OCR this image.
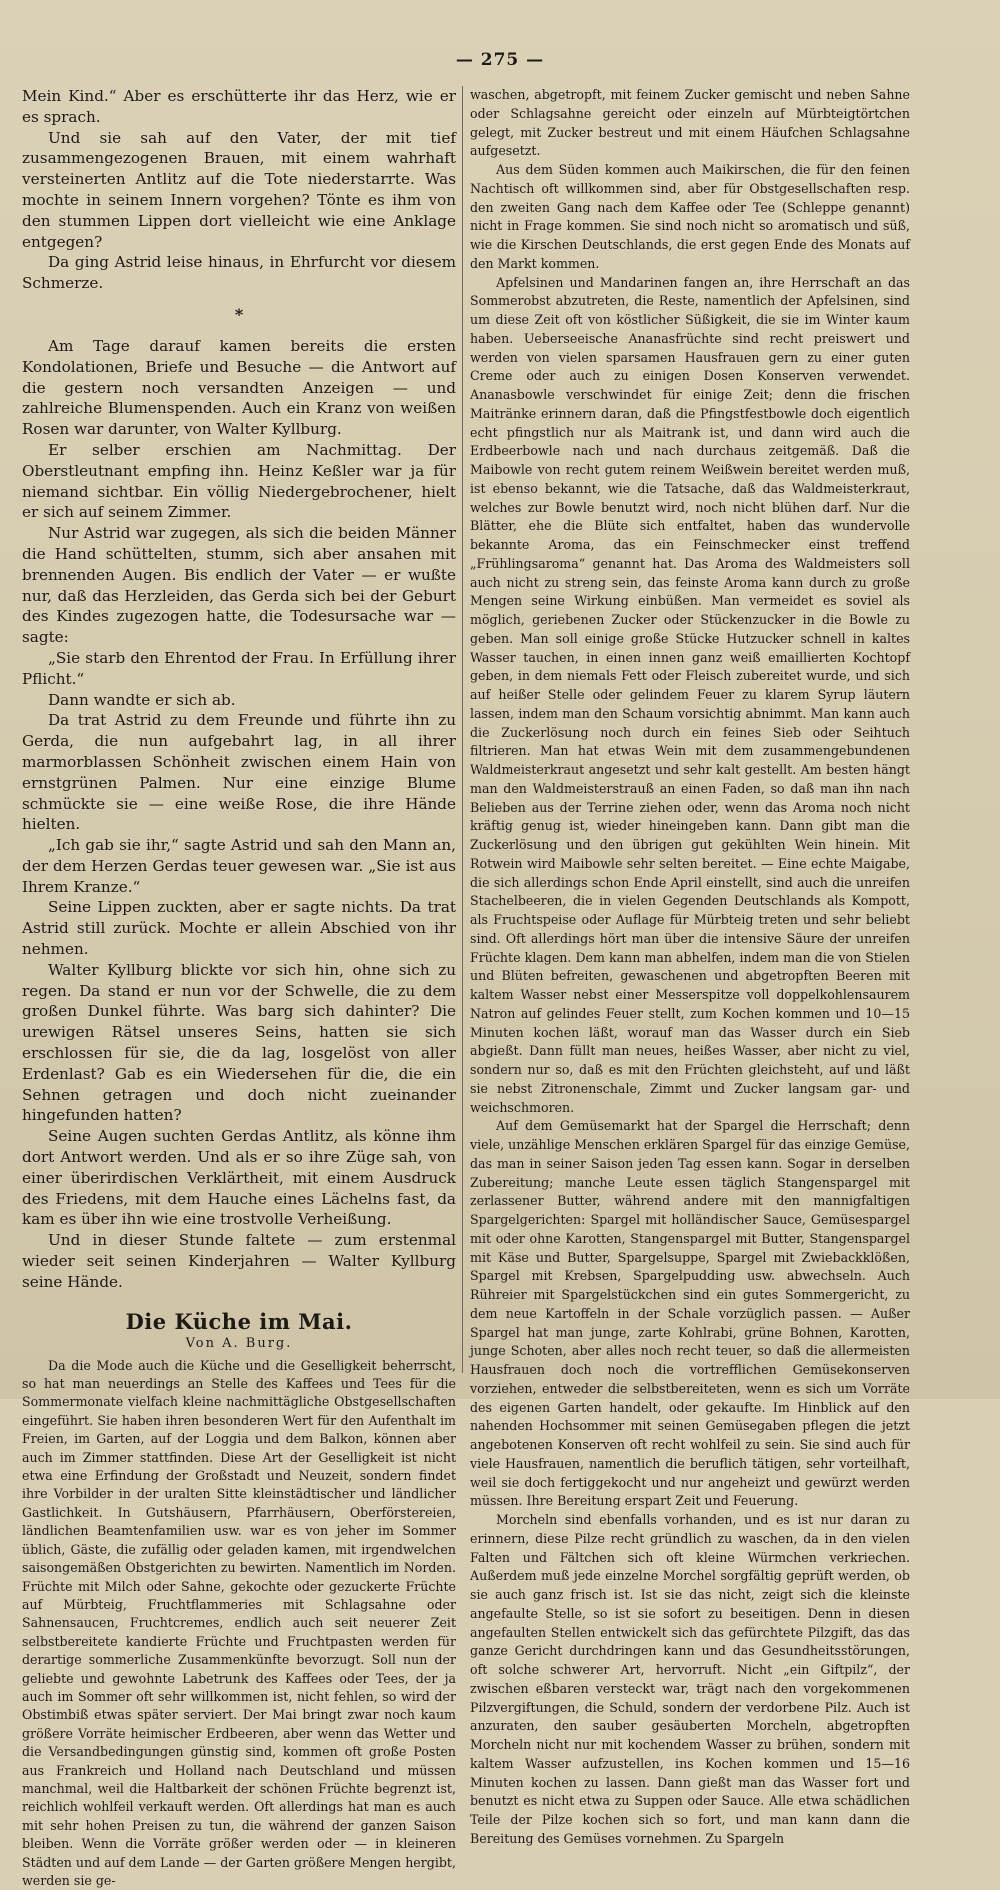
— 275 —

Mein Kind.“ Aber es erschütterte ihr das Herz, wie er es sprach.

Und sie sah auf den Vater, der mit tief zusammengezogenen Brauen, mit einem wahrhaft versteinerten Antlitz auf die Tote niederstarrte. Was mochte in seinem Innern vorgehen? Tönte es ihm von den stummen Lippen dort vielleicht wie eine Anklage entgegen?

Da ging Astrid leise hinaus, in Ehrfurcht vor diesem Schmerze.

*

Am Tage darauf kamen bereits die ersten Kondolationen, Briefe und Besuche — die Antwort auf die gestern noch versandten Anzeigen — und zahlreiche Blumenspenden. Auch ein Kranz von weißen Rosen war darunter, von Walter Kyllburg.

Er selber erschien am Nachmittag. Der Oberstleutnant empfing ihn. Heinz Keßler war ja für niemand sichtbar. Ein völlig Niedergebrochener, hielt er sich auf seinem Zimmer.

Nur Astrid war zugegen, als sich die beiden Männer die Hand schüttelten, stumm, sich aber ansahen mit brennenden Augen. Bis endlich der Vater — er wußte nur, daß das Herzleiden, das Gerda sich bei der Geburt des Kindes zugezogen hatte, die Todesursache war — sagte:

„Sie starb den Ehrentod der Frau. In Erfüllung ihrer Pflicht.“

Dann wandte er sich ab.

Da trat Astrid zu dem Freunde und führte ihn zu Gerda, die nun aufgebahrt lag, in all ihrer marmorblassen Schönheit zwischen einem Hain von ernstgrünen Palmen. Nur eine einzige Blume schmückte sie — eine weiße Rose, die ihre Hände hielten.

„Ich gab sie ihr,“ sagte Astrid und sah den Mann an, der dem Herzen Gerdas teuer gewesen war. „Sie ist aus Ihrem Kranze.“

Seine Lippen zuckten, aber er sagte nichts. Da trat Astrid still zurück. Mochte er allein Abschied von ihr nehmen.

Walter Kyllburg blickte vor sich hin, ohne sich zu regen. Da stand er nun vor der Schwelle, die zu dem großen Dunkel führte. Was barg sich dahinter? Die urewigen Rätsel unseres Seins, hatten sie sich erschlossen für sie, die da lag, losgelöst von aller Erdenlast? Gab es ein Wiedersehen für die, die ein Sehnen getragen und doch nicht zueinander hingefunden hatten?

Seine Augen suchten Gerdas Antlitz, als könne ihm dort Antwort werden. Und als er so ihre Züge sah, von einer überirdischen Verklärtheit, mit einem Ausdruck des Friedens, mit dem Hauche eines Lächelns fast, da kam es über ihn wie eine trostvolle Verheißung.

Und in dieser Stunde faltete — zum erstenmal wieder seit seinen Kinderjahren — Walter Kyllburg seine Hände.

Die Küche im Mai.
Von A. Burg.

Da die Mode auch die Küche und die Geselligkeit beherrscht, so hat man neuerdings an Stelle des Kaffees und Tees für die Sommermonate vielfach kleine nachmittägliche Obstgesellschaften eingeführt. Sie haben ihren besonderen Wert für den Aufenthalt im Freien, im Garten, auf der Loggia und dem Balkon, können aber auch im Zimmer stattfinden. Diese Art der Geselligkeit ist nicht etwa eine Erfindung der Großstadt und Neuzeit, sondern findet ihre Vorbilder in der uralten Sitte kleinstädtischer und ländlicher Gastlichkeit. In Gutshäusern, Pfarrhäusern, Oberförstereien, ländlichen Beamtenfamilien usw. war es von jeher im Sommer üblich, Gäste, die zufällig oder geladen kamen, mit irgendwelchen saisongemäßen Obstgerichten zu bewirten. Namentlich im Norden. Früchte mit Milch oder Sahne, gekochte oder gezuckerte Früchte auf Mürbteig, Fruchtflammeries mit Schlagsahne oder Sahnensaucen, Fruchtcremes, endlich auch seit neuerer Zeit selbstbereitete kandierte Früchte und Fruchtpasten werden für derartige sommerliche Zusammenkünfte bevorzugt. Soll nun der geliebte und gewohnte Labetrunk des Kaffees oder Tees, der ja auch im Sommer oft sehr willkommen ist, nicht fehlen, so wird der Obstimbiß etwas später serviert. Der Mai bringt zwar noch kaum größere Vorräte heimischer Erdbeeren, aber wenn das Wetter und die Versandbedingungen günstig sind, kommen oft große Posten aus Frankreich und Holland nach Deutschland und müssen manchmal, weil die Haltbarkeit der schönen Früchte begrenzt ist, reichlich wohlfeil verkauft werden. Oft allerdings hat man es auch mit sehr hohen Preisen zu tun, die während der ganzen Saison bleiben. Wenn die Vorräte größer werden oder — in kleineren Städten und auf dem Lande — der Garten größere Mengen hergibt, werden sie ge-

waschen, abgetropft, mit feinem Zucker gemischt und neben Sahne oder Schlagsahne gereicht oder einzeln auf Mürbteigtörtchen gelegt, mit Zucker bestreut und mit einem Häufchen Schlagsahne aufgesetzt.

Aus dem Süden kommen auch Maikirschen, die für den feinen Nachtisch oft willkommen sind, aber für Obstgesellschaften resp. den zweiten Gang nach dem Kaffee oder Tee (Schleppe genannt) nicht in Frage kommen. Sie sind noch nicht so aromatisch und süß, wie die Kirschen Deutschlands, die erst gegen Ende des Monats auf den Markt kommen.

Apfelsinen und Mandarinen fangen an, ihre Herrschaft an das Sommerobst abzutreten, die Reste, namentlich der Apfelsinen, sind um diese Zeit oft von köstlicher Süßigkeit, die sie im Winter kaum haben. Ueberseeische Ananasfrüchte sind recht preiswert und werden von vielen sparsamen Hausfrauen gern zu einer guten Creme oder auch zu einigen Dosen Konserven verwendet. Ananasbowle verschwindet für einige Zeit; denn die frischen Maitränke erinnern daran, daß die Pfingstfestbowle doch eigentlich echt pfingstlich nur als Maitrank ist, und dann wird auch die Erdbeerbowle nach und nach durchaus zeitgemäß. Daß die Maibowle von recht gutem reinem Weißwein bereitet werden muß, ist ebenso bekannt, wie die Tatsache, daß das Waldmeisterkraut, welches zur Bowle benutzt wird, noch nicht blühen darf. Nur die Blätter, ehe die Blüte sich entfaltet, haben das wundervolle bekannte Aroma, das ein Feinschmecker einst treffend „Frühlingsaroma“ genannt hat. Das Aroma des Waldmeisters soll auch nicht zu streng sein, das feinste Aroma kann durch zu große Mengen seine Wirkung einbüßen. Man vermeidet es soviel als möglich, geriebenen Zucker oder Stückenzucker in die Bowle zu geben. Man soll einige große Stücke Hutzucker schnell in kaltes Wasser tauchen, in einen innen ganz weiß emaillierten Kochtopf geben, in dem niemals Fett oder Fleisch zubereitet wurde, und sich auf heißer Stelle oder gelindem Feuer zu klarem Syrup läutern lassen, indem man den Schaum vorsichtig abnimmt. Man kann auch die Zuckerlösung noch durch ein feines Sieb oder Seihtuch filtrieren. Man hat etwas Wein mit dem zusammengebundenen Waldmeisterkraut angesetzt und sehr kalt gestellt. Am besten hängt man den Waldmeisterstrauß an einen Faden, so daß man ihn nach Belieben aus der Terrine ziehen oder, wenn das Aroma noch nicht kräftig genug ist, wieder hineingeben kann. Dann gibt man die Zuckerlösung und den übrigen gut gekühlten Wein hinein. Mit Rotwein wird Maibowle sehr selten bereitet. — Eine echte Maigabe, die sich allerdings schon Ende April einstellt, sind auch die unreifen Stachelbeeren, die in vielen Gegenden Deutschlands als Kompott, als Fruchtspeise oder Auflage für Mürbteig treten und sehr beliebt sind. Oft allerdings hört man über die intensive Säure der unreifen Früchte klagen. Dem kann man abhelfen, indem man die von Stielen und Blüten befreiten, gewaschenen und abgetropften Beeren mit kaltem Wasser nebst einer Messerspitze voll doppelkohlensaurem Natron auf gelindes Feuer stellt, zum Kochen kommen und 10—15 Minuten kochen läßt, worauf man das Wasser durch ein Sieb abgießt. Dann füllt man neues, heißes Wasser, aber nicht zu viel, sondern nur so, daß es mit den Früchten gleichsteht, auf und läßt sie nebst Zitronenschale, Zimmt und Zucker langsam gar- und weichschmoren.

Auf dem Gemüsemarkt hat der Spargel die Herrschaft; denn viele, unzählige Menschen erklären Spargel für das einzige Gemüse, das man in seiner Saison jeden Tag essen kann. Sogar in derselben Zubereitung; manche Leute essen täglich Stangenspargel mit zerlassener Butter, während andere mit den mannigfaltigen Spargelgerichten: Spargel mit holländischer Sauce, Gemüsespargel mit oder ohne Karotten, Stangenspargel mit Butter, Stangenspargel mit Käse und Butter, Spargelsuppe, Spargel mit Zwiebackklößen, Spargel mit Krebsen, Spargelpudding usw. abwechseln. Auch Rühreier mit Spargelstückchen sind ein gutes Sommergericht, zu dem neue Kartoffeln in der Schale vorzüglich passen. — Außer Spargel hat man junge, zarte Kohlrabi, grüne Bohnen, Karotten, junge Schoten, aber alles noch recht teuer, so daß die allermeisten Hausfrauen doch noch die vortrefflichen Gemüsekonserven vorziehen, entweder die selbstbereiteten, wenn es sich um Vorräte des eigenen Garten handelt, oder gekaufte. Im Hinblick auf den nahenden Hochsommer mit seinen Gemüsegaben pflegen die jetzt angebotenen Konserven oft recht wohlfeil zu sein. Sie sind auch für viele Hausfrauen, namentlich die beruflich tätigen, sehr vorteilhaft, weil sie doch fertiggekocht und nur angeheizt und gewürzt werden müssen. Ihre Bereitung erspart Zeit und Feuerung.

Morcheln sind ebenfalls vorhanden, und es ist nur daran zu erinnern, diese Pilze recht gründlich zu waschen, da in den vielen Falten und Fältchen sich oft kleine Würmchen verkriechen. Außerdem muß jede einzelne Morchel sorgfältig geprüft werden, ob sie auch ganz frisch ist. Ist sie das nicht, zeigt sich die kleinste angefaulte Stelle, so ist sie sofort zu beseitigen. Denn in diesen angefaulten Stellen entwickelt sich das gefürchtete Pilzgift, das das ganze Gericht durchdringen kann und das Gesundheitsstörungen, oft solche schwerer Art, hervorruft. Nicht „ein Giftpilz“, der zwischen eßbaren versteckt war, trägt nach den vorgekommenen Pilzvergiftungen, die Schuld, sondern der verdorbene Pilz. Auch ist anzuraten, den sauber gesäuberten Morcheln, abgetropften Morcheln nicht nur mit kochendem Wasser zu brühen, sondern mit kaltem Wasser aufzustellen, ins Kochen kommen und 15—16 Minuten kochen zu lassen. Dann gießt man das Wasser fort und benutzt es nicht etwa zu Suppen oder Sauce. Alle etwa schädlichen Teile der Pilze kochen sich so fort, und man kann dann die Bereitung des Gemüses vornehmen. Zu Spargeln
